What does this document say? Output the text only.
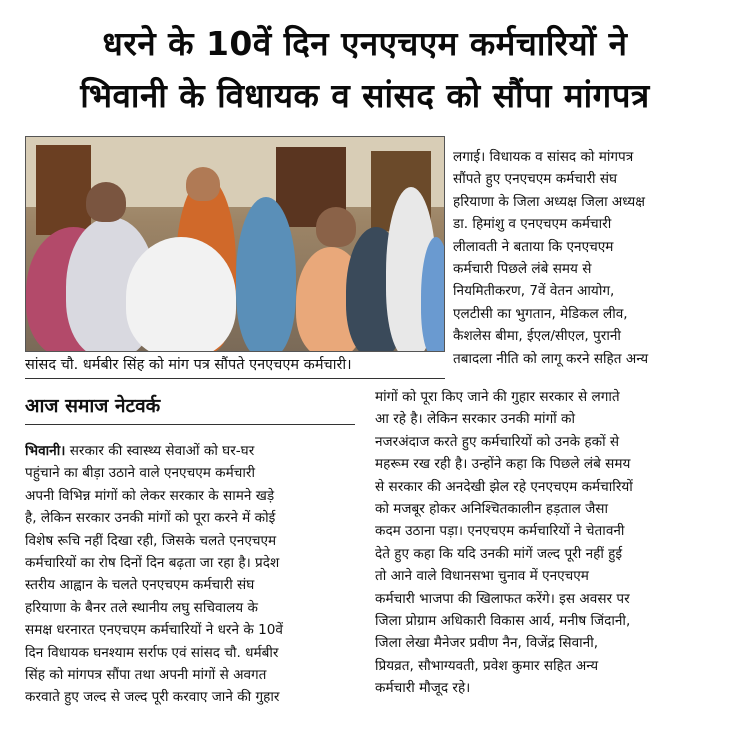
धरने के 10वें दिन एनएचएम कर्मचारियों ने
भिवानी के विधायक व सांसद को सौंपा मांगपत्र
सांसद चौ. धर्मबीर सिंह को मांग पत्र सौंपते एनएचएम कर्मचारी।
आज समाज नेटवर्क
भिवानी। सरकार की स्वास्थ्य सेवाओं को घर-घर
पहुंचाने का बीड़ा उठाने वाले एनएचएम कर्मचारी
अपनी विभिन्न मांगों को लेकर सरकार के सामने खड़े
है, लेकिन सरकार उनकी मांगों को पूरा करने में कोई
विशेष रूचि नहीं दिखा रही, जिसके चलते एनएचएम
कर्मचारियों का रोष दिनों दिन बढ़ता जा रहा है। प्रदेश
स्तरीय आह्वान के चलते एनएचएम कर्मचारी संघ
हरियाणा के बैनर तले स्थानीय लघु सचिवालय के
समक्ष धरनारत एनएचएम कर्मचारियों ने धरने के 10वें
दिन विधायक घनश्याम सर्राफ एवं सांसद चौ. धर्मबीर
सिंह को मांगपत्र सौंपा तथा अपनी मांगों से अवगत
करवाते हुए जल्द से जल्द पूरी करवाए जाने की गुहार
लगाई। विधायक व सांसद को मांगपत्र
सौंपते हुए एनएचएम कर्मचारी संघ
हरियाणा के जिला अध्यक्ष जिला अध्यक्ष
डा. हिमांशु व एनएचएम कर्मचारी
लीलावती ने बताया कि एनएचएम
कर्मचारी पिछले लंबे समय से
नियमितीकरण, 7वें वेतन आयोग,
एलटीसी का भुगतान, मेडिकल लीव,
कैशलेस बीमा, ईएल/सीएल, पुरानी
तबादला नीति को लागू करने सहित अन्य
मांगों को पूरा किए जाने की गुहार सरकार से लगाते
आ रहे है। लेकिन सरकार उनकी मांगों को
नजरअंदाज करते हुए कर्मचारियों को उनके हकों से
महरूम रख रही है। उन्होंने कहा कि पिछले लंबे समय
से सरकार की अनदेखी झेल रहे एनएचएम कर्मचारियों
को मजबूर होकर अनिश्चितकालीन हड़ताल जैसा
कदम उठाना पड़ा। एनएचएम कर्मचारियों ने चेतावनी
देते हुए कहा कि यदि उनकी मांगें जल्द पूरी नहीं हुई
तो आने वाले विधानसभा चुनाव में एनएचएम
कर्मचारी भाजपा की खिलाफत करेंगे। इस अवसर पर
जिला प्रोग्राम अधिकारी विकास आर्य, मनीष जिंदानी,
जिला लेखा मैनेजर प्रवीण नैन, विजेंद्र सिवानी,
प्रियव्रत, सौभाग्यवती, प्रवेश कुमार सहित अन्य
कर्मचारी मौजूद रहे।
